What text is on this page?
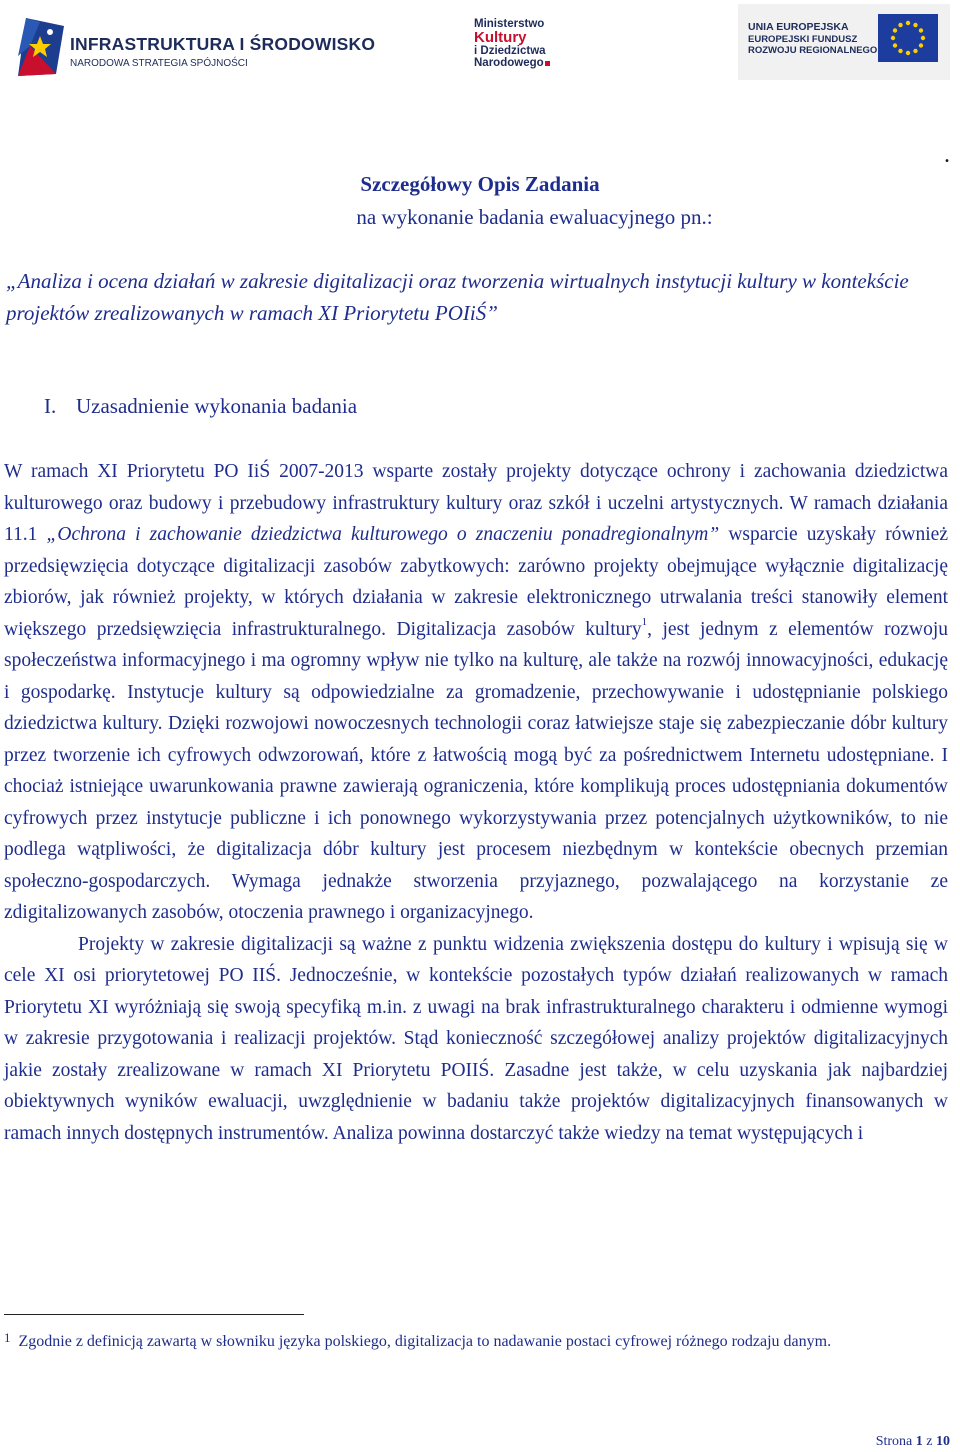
INFRASTRUKTURA I ŚRODOWISKO
NARODOWA STRATEGIA SPÓJNOŚCI
Ministerstwo
Kultury
i Dziedzictwa
Narodowego
UNIA EUROPEJSKA
EUROPEJSKI FUNDUSZ
ROZWOJU REGIONALNEGO
.
Szczegółowy Opis Zadania
na wykonanie badania ewaluacyjnego pn.:
„Analiza i ocena działań w zakresie digitalizacji oraz tworzenia wirtualnych instytucji kultury w kontekście projektów zrealizowanych w ramach XI Priorytetu POIiŚ”
I. Uzasadnienie wykonania badania

W ramach XI Priorytetu PO IiŚ 2007-2013 wsparte zostały projekty dotyczące ochrony i zachowania dziedzictwa kulturowego oraz budowy i przebudowy infrastruktury kultury oraz szkół i uczelni artystycznych. W ramach działania 11.1 „Ochrona i zachowanie dziedzictwa kulturowego o znaczeniu ponadregionalnym” wsparcie uzyskały również przedsięwzięcia dotyczące digitalizacji zasobów zabytkowych: zarówno projekty obejmujące wyłącznie digitalizację zbiorów, jak również projekty, w których działania w zakresie elektronicznego utrwalania treści stanowiły element większego przedsięwzięcia infrastrukturalnego. Digitalizacja zasobów kultury$^1$, jest jednym z elementów rozwoju społeczeństwa informacyjnego i ma ogromny wpływ nie tylko na kulturę, ale także na rozwój innowacyjności, edukację i gospodarkę. Instytucje kultury są odpowiedzialne za gromadzenie, przechowywanie i udostępnianie polskiego dziedzictwa kultury. Dzięki rozwojowi nowoczesnych technologii coraz łatwiejsze staje się zabezpieczanie dóbr kultury przez tworzenie ich cyfrowych odwzorowań, które z łatwością mogą być za pośrednictwem Internetu udostępniane. I chociaż istniejące uwarunkowania prawne zawierają ograniczenia, które komplikują proces udostępniania dokumentów cyfrowych przez instytucje publiczne i ich ponownego wykorzystywania przez potencjalnych użytkowników, to nie podlega wątpliwości, że digitalizacja dóbr kultury jest procesem niezbędnym w kontekście obecnych przemian społeczno-gospodarczych. Wymaga jednakże stworzenia przyjaznego, pozwalającego na korzystanie ze zdigitalizowanych zasobów, otoczenia prawnego i organizacyjnego.

Projekty w zakresie digitalizacji są ważne z punktu widzenia zwiększenia dostępu do kultury i wpisują się w cele XI osi priorytetowej PO IIŚ. Jednocześnie, w kontekście pozostałych typów działań realizowanych w ramach Priorytetu XI wyróżniają się swoją specyfiką m.in. z uwagi na brak infrastrukturalnego charakteru i odmienne wymogi w zakresie przygotowania i realizacji projektów. Stąd konieczność szczegółowej analizy projektów digitalizacyjnych jakie zostały zrealizowane w ramach XI Priorytetu POIIŚ. Zasadne jest także, w celu uzyskania jak najbardziej obiektywnych wyników ewaluacji, uwzględnienie w badaniu także projektów digitalizacyjnych finansowanych w ramach innych dostępnych instrumentów. Analiza powinna dostarczyć także wiedzy na temat występujących i

$^1$ Zgodnie z definicją zawartą w słowniku języka polskiego, digitalizacja to nadawanie postaci cyfrowej różnego rodzaju danym.
Strona 1 z 10
